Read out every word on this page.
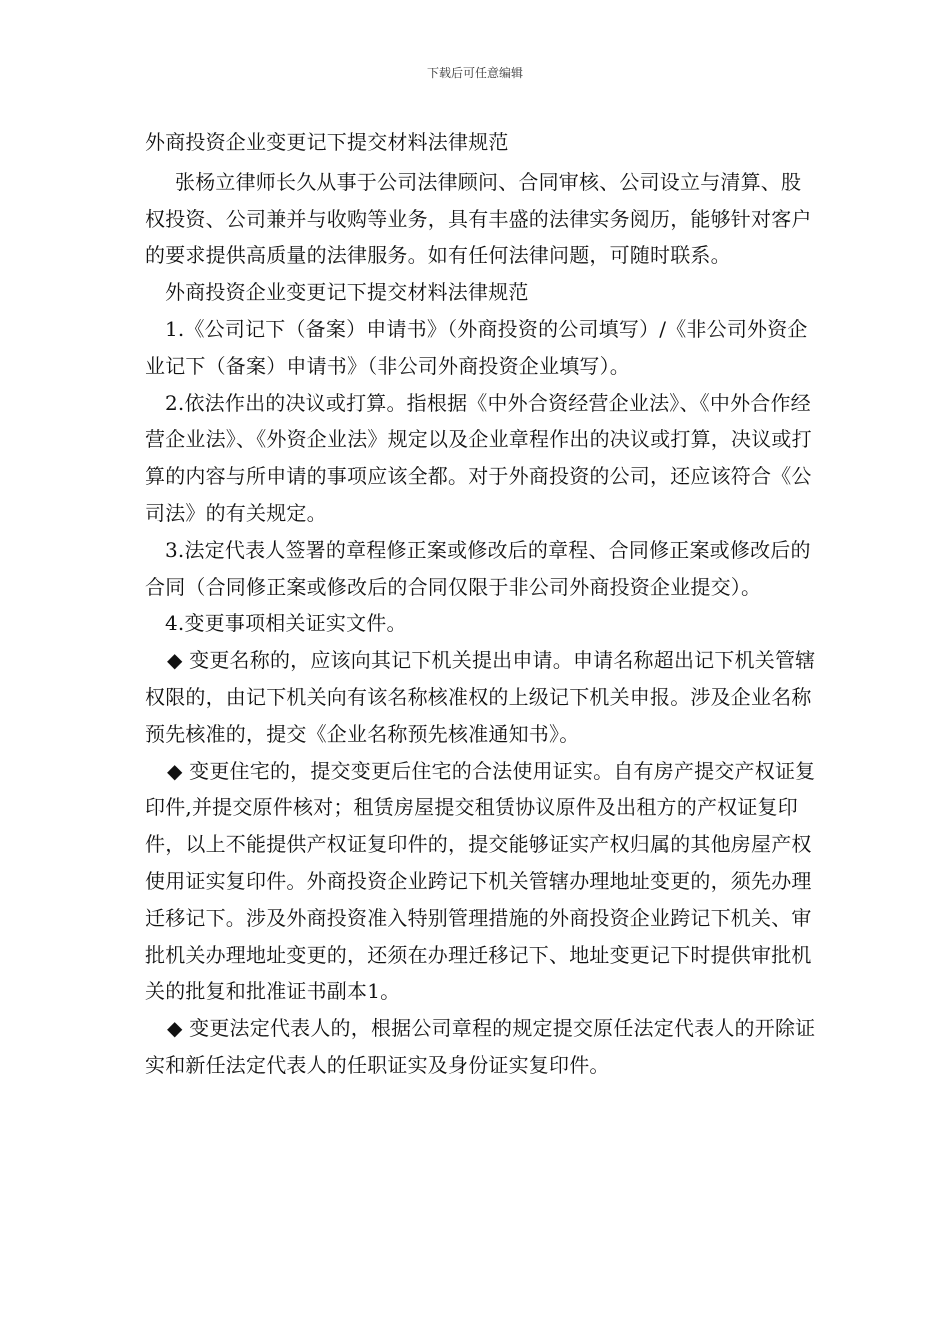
下载后可任意编辑

外商投资企业变更记下提交材料法律规范

张杨立律师长久从事于公司法律顾问、合同审核、公司设立与清算、股权投资、公司兼并与收购等业务，具有丰盛的法律实务阅历，能够针对客户的要求提供高质量的法律服务。如有任何法律问题，可随时联系。

外商投资企业变更记下提交材料法律规范

1.《公司记下（备案）申请书》（外商投资的公司填写）/《非公司外资企业记下（备案）申请书》（非公司外商投资企业填写）。

2.依法作出的决议或打算。指根据《中外合资经营企业法》、《中外合作经营企业法》、《外资企业法》规定以及企业章程作出的决议或打算，决议或打算的内容与所申请的事项应该全都。对于外商投资的公司，还应该符合《公司法》的有关规定。

3.法定代表人签署的章程修正案或修改后的章程、合同修正案或修改后的合同（合同修正案或修改后的合同仅限于非公司外商投资企业提交）。

4.变更事项相关证实文件。

◆ 变更名称的，应该向其记下机关提出申请。申请名称超出记下机关管辖权限的，由记下机关向有该名称核准权的上级记下机关申报。涉及企业名称预先核准的，提交《企业名称预先核准通知书》。

◆ 变更住宅的，提交变更后住宅的合法使用证实。自有房产提交产权证复印件,并提交原件核对；租赁房屋提交租赁协议原件及出租方的产权证复印件，以上不能提供产权证复印件的，提交能够证实产权归属的其他房屋产权使用证实复印件。外商投资企业跨记下机关管辖办理地址变更的，须先办理迁移记下。涉及外商投资准入特别管理措施的外商投资企业跨记下机关、审批机关办理地址变更的，还须在办理迁移记下、地址变更记下时提供审批机关的批复和批准证书副本1。

◆ 变更法定代表人的，根据公司章程的规定提交原任法定代表人的开除证实和新任法定代表人的任职证实及身份证实复印件。
